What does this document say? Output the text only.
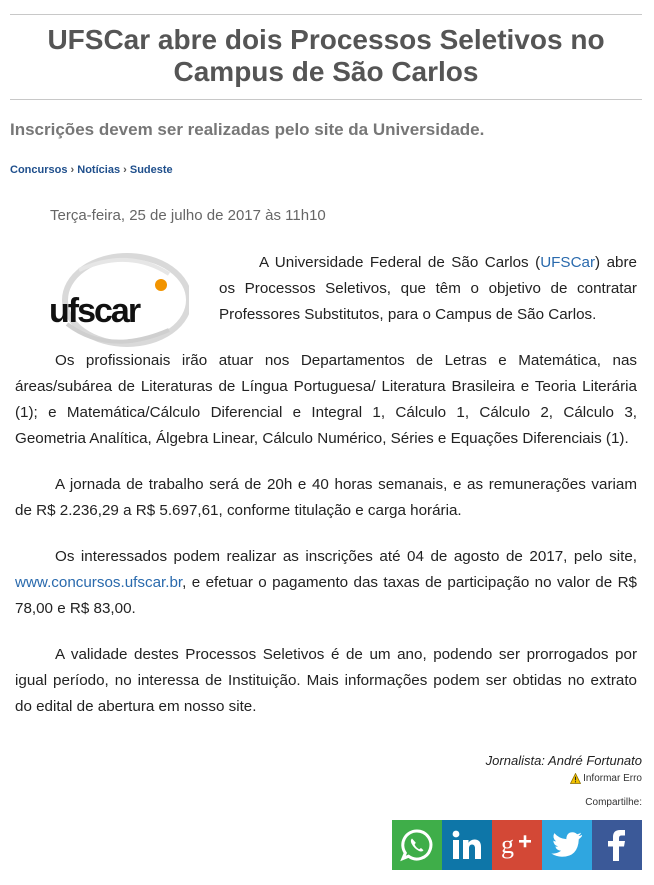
UFSCar abre dois Processos Seletivos no Campus de São Carlos
Inscrições devem ser realizadas pelo site da Universidade.
Concursos › Notícias › Sudeste
Terça-feira, 25 de julho de 2017 às 11h10
ufscar

A Universidade Federal de São Carlos (UFSCar) abre os Processos Seletivos, que têm o objetivo de contratar Professores Substitutos, para o Campus de São Carlos.

Os profissionais irão atuar nos Departamentos de Letras e Matemática, nas áreas/subárea de Literaturas de Língua Portuguesa/ Literatura Brasileira e Teoria Literária (1); e Matemática/Cálculo Diferencial e Integral 1, Cálculo 1, Cálculo 2, Cálculo 3, Geometria Analítica, Álgebra Linear, Cálculo Numérico, Séries e Equações Diferenciais (1).

A jornada de trabalho será de 20h e 40 horas semanais, e as remunerações variam de R$ 2.236,29 a R$ 5.697,61, conforme titulação e carga horária.

Os interessados podem realizar as inscrições até 04 de agosto de 2017, pelo site, www.concursos.ufscar.br, e efetuar o pagamento das taxas de participação no valor de R$ 78,00 e R$ 83,00.

A validade destes Processos Seletivos é de um ano, podendo ser prorrogados por igual período, no interessa de Instituição. Mais informações podem ser obtidas no extrato do edital de abertura em nosso site.

Jornalista: André Fortunato
Informar Erro
Compartilhe:
g
